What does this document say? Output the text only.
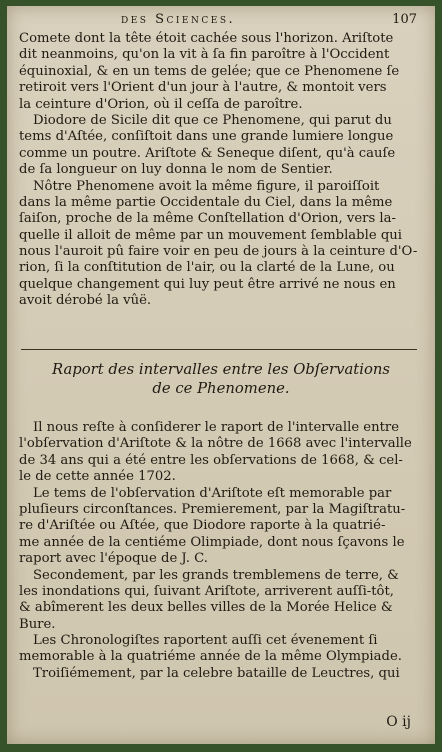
des Sciences.	107
Comete dont la tête étoit cachée sous l'horizon. Ariſtote
dit neanmoins, qu'on la vit à ſa fin paroître à l'Occident
équinoxial, & en un tems de gelée; que ce Phenomene ſe
retiroit vers l'Orient d'un jour à l'autre, & montoit vers
la ceinture d'Orion, où il ceſſa de paroître.
Diodore de Sicile dit que ce Phenomene, qui parut du
tems d'Aſtée, conſiſtoit dans une grande lumiere longue
comme un poutre. Ariſtote & Seneque diſent, qu'à cauſe
de ſa longueur on luy donna le nom de Sentier.
Nôtre Phenomene avoit la même figure, il paroiſſoit
dans la même partie Occidentale du Ciel, dans la même
ſaiſon, proche de la même Conſtellation d'Orion, vers la-
quelle il alloit de même par un mouvement ſemblable qui
nous l'auroit pû faire voir en peu de jours à la ceinture d'O-
rion, ſi la conſtitution de l'air, ou la clarté de la Lune, ou
quelque changement qui luy peut être arrivé ne nous en
avoit dérobé la vûë.
Raport des intervalles entre les Obſervations
de ce Phenomene.
Il nous reſte à conſiderer le raport de l'intervalle entre
l'obſervation d'Ariſtote & la nôtre de 1668 avec l'intervalle
de 34 ans qui a été entre les obſervations de 1668, & cel-
le de cette année 1702.
Le tems de l'obſervation d'Ariſtote eſt memorable par
pluſieurs circonſtances. Premierement, par la Magiſtratu-
re d'Ariſtée ou Aſtée, que Diodore raporte à la quatrié-
me année de la centiéme Olimpiade, dont nous ſçavons le
raport avec l'époque de J. C.
Secondement, par les grands tremblemens de terre, &
les inondations qui, ſuivant Ariſtote, arriverent auſſi-tôt,
& abîmerent les deux belles villes de la Morée Helice &
Bure.
Les Chronologiſtes raportent auſſi cet évenement ſi
memorable à la quatriéme année de la même Olympiade.
Troiſiémement, par la celebre bataille de Leuctres, qui
O ij
